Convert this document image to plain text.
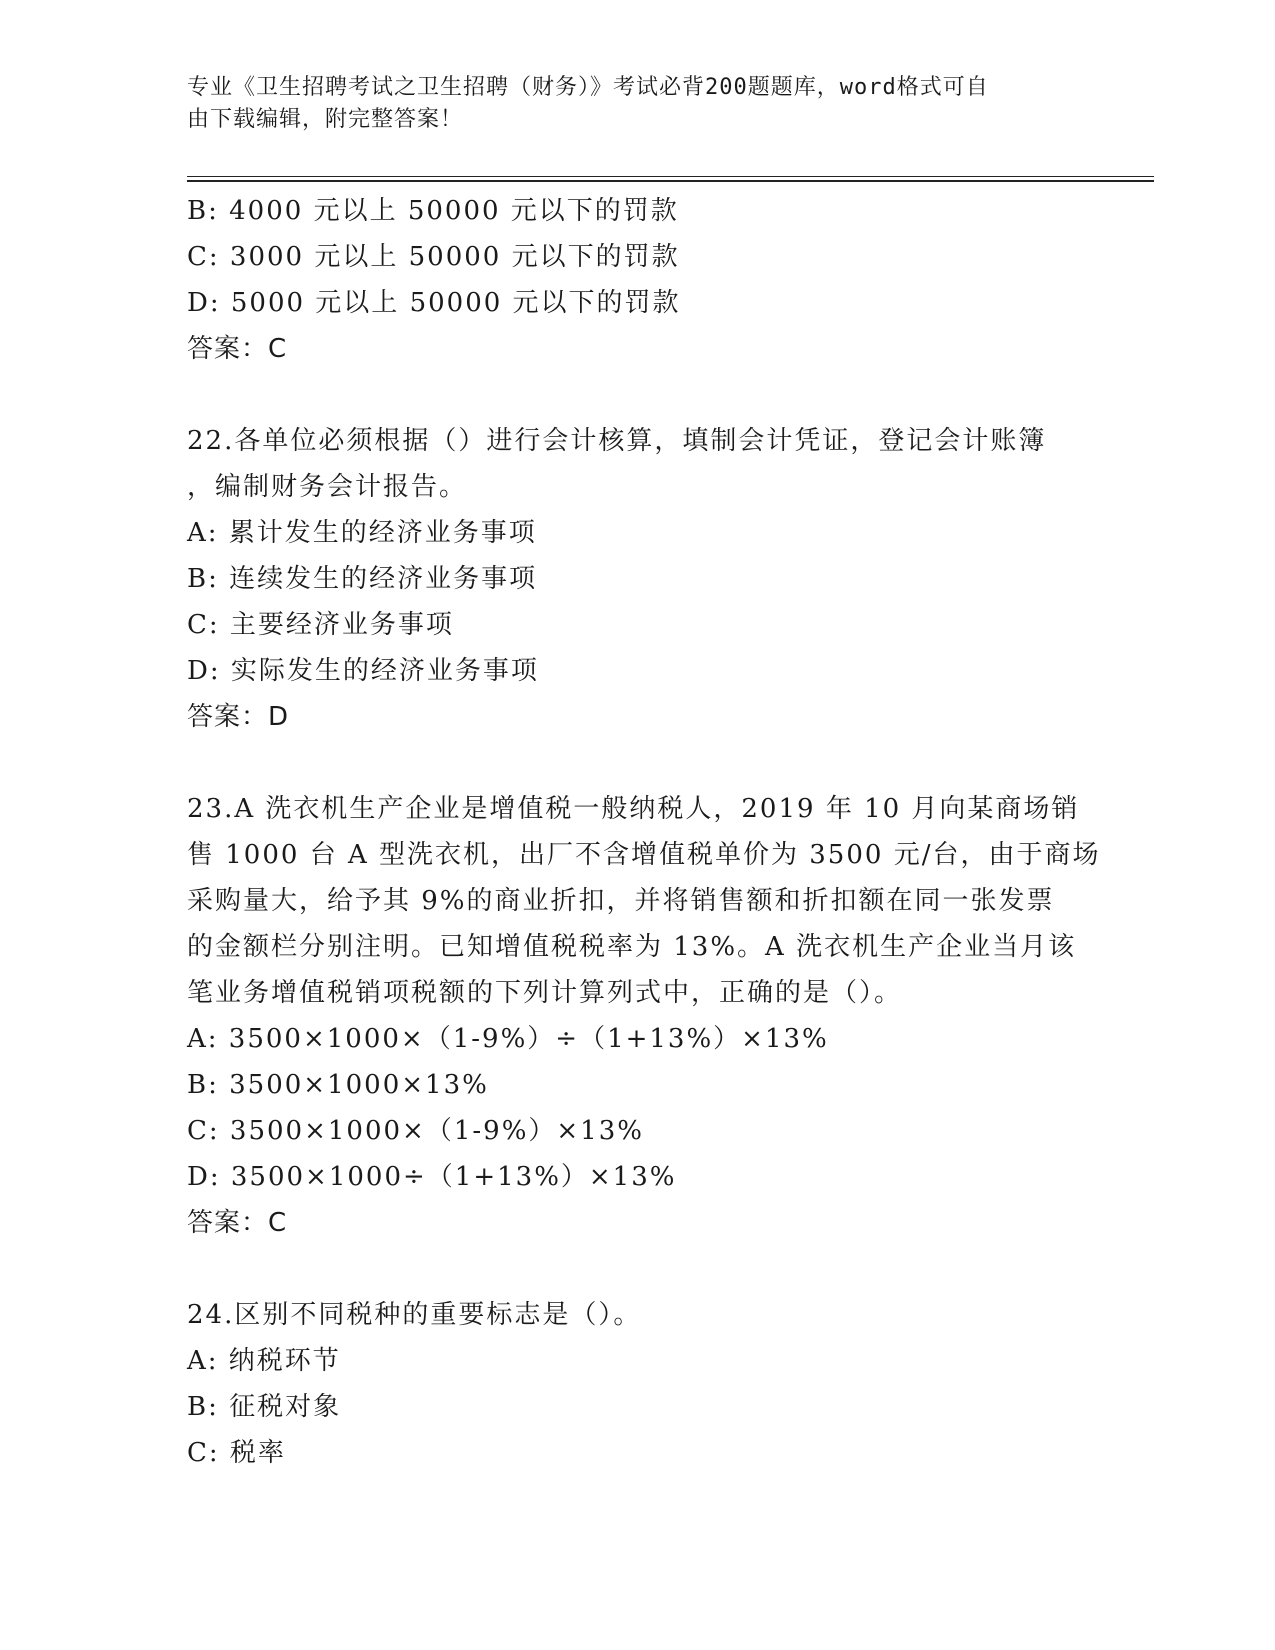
专业《卫生招聘考试之卫生招聘（财务）》考试必背200题题库，word格式可自
由下载编辑，附完整答案！
B: 4000 元以上 50000 元以下的罚款
C: 3000 元以上 50000 元以下的罚款
D: 5000 元以上 50000 元以下的罚款
答案：C
22.各单位必须根据（）进行会计核算，填制会计凭证，登记会计账簿
，编制财务会计报告。
A: 累计发生的经济业务事项
B: 连续发生的经济业务事项
C: 主要经济业务事项
D: 实际发生的经济业务事项
答案：D
23.A 洗衣机生产企业是增值税一般纳税人，2019 年 10 月向某商场销
售 1000 台 A 型洗衣机，出厂不含增值税单价为 3500 元/台，由于商场
采购量大，给予其 9%的商业折扣，并将销售额和折扣额在同一张发票
的金额栏分别注明。已知增值税税率为 13%。A 洗衣机生产企业当月该
笔业务增值税销项税额的下列计算列式中，正确的是（）。
A: 3500×1000×（1-9%）÷（1+13%）×13%
B: 3500×1000×13%
C: 3500×1000×（1-9%）×13%
D: 3500×1000÷（1+13%）×13%
答案：C
24.区别不同税种的重要标志是（）。
A: 纳税环节
B: 征税对象
C: 税率
